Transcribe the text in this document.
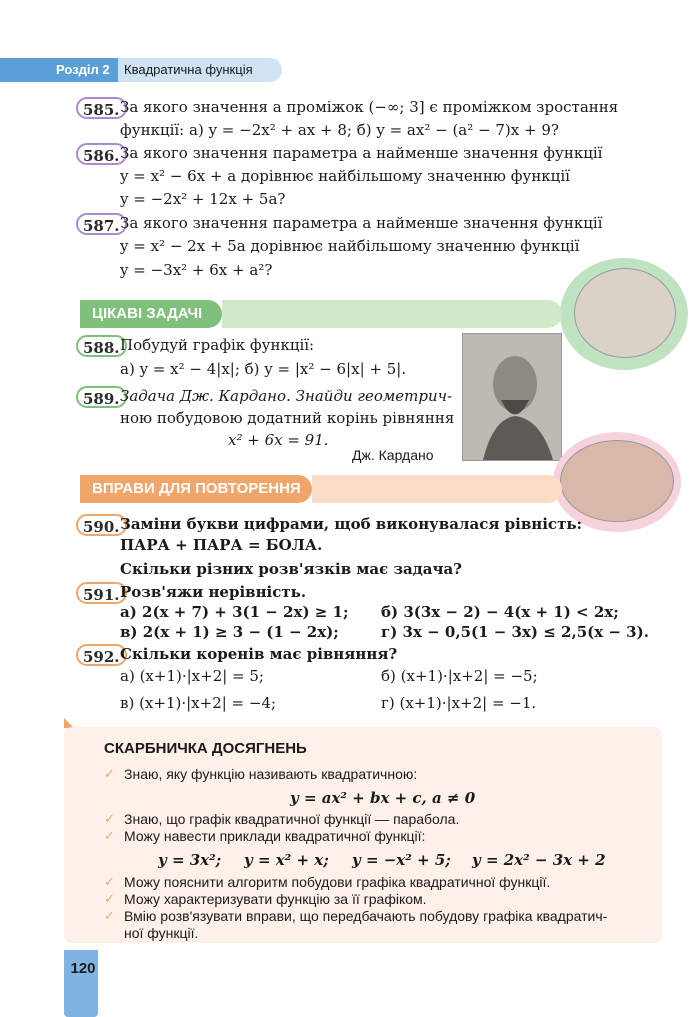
Розділ 2	Квадратична функція
585. За якого значення a проміжок (−∞; 3] є проміжком зростання
функції: а) y = −2x² + ax + 8; б) y = ax² − (a² − 7)x + 9?
586. За якого значення параметра a найменше значення функції
y = x² − 6x + a дорівнює найбільшому значенню функції
y = −2x² + 12x + 5a?
587. За якого значення параметра a найменше значення функції
y = x² − 2x + 5a дорівнює найбільшому значенню функції
y = −3x² + 6x + a²?
ЦІКАВІ ЗАДАЧІ
588. Побудуй графік функції:
а) y = x² − 4|x|; б) y = |x² − 6|x| + 5|.
589. Задача Дж. Кардано. Знайди геометрич-
ною побудовою додатний корінь рівняння
x² + 6x = 91.
Дж. Кардано
ВПРАВИ ДЛЯ ПОВТОРЕННЯ
590. Заміни букви цифрами, щоб виконувалася рівність:
ПАРА + ПАРА = БОЛА.
Скільки різних розв'язків має задача?
591. Розв'яжи нерівність.
а) 2(x + 7) + 3(1 − 2x) ≥ 1; б) 3(3x − 2) − 4(x + 1) < 2x;
в) 2(x + 1) ≥ 3 − (1 − 2x);	г) 3x − 0,5(1 − 3x) ≤ 2,5(x − 3).
592. Скільки коренів має рівняння?
а) (x+1)·|x+2| = 5;	б) (x+1)·|x+2| = −5;
в) (x+1)·|x+2| = −4;	г) (x+1)·|x+2| = −1.
СКАРБНИЧКА ДОСЯГНЕНЬ
✓ Знаю, яку функцію називають квадратичною:
y = ax² + bx + c, a ≠ 0
✓ Знаю, що графік квадратичної функції — парабола.
✓ Можу навести приклади квадратичної функції:
y = 3x²; y = x² + x; y = −x² + 5; y = 2x² − 3x + 2
✓ Можу пояснити алгоритм побудови графіка квадратичної функції.
✓ Можу характеризувати функцію за її графіком.
✓ Вмію розв'язувати вправи, що передбачають побудову графіка квадратич-
ної функції.
120
